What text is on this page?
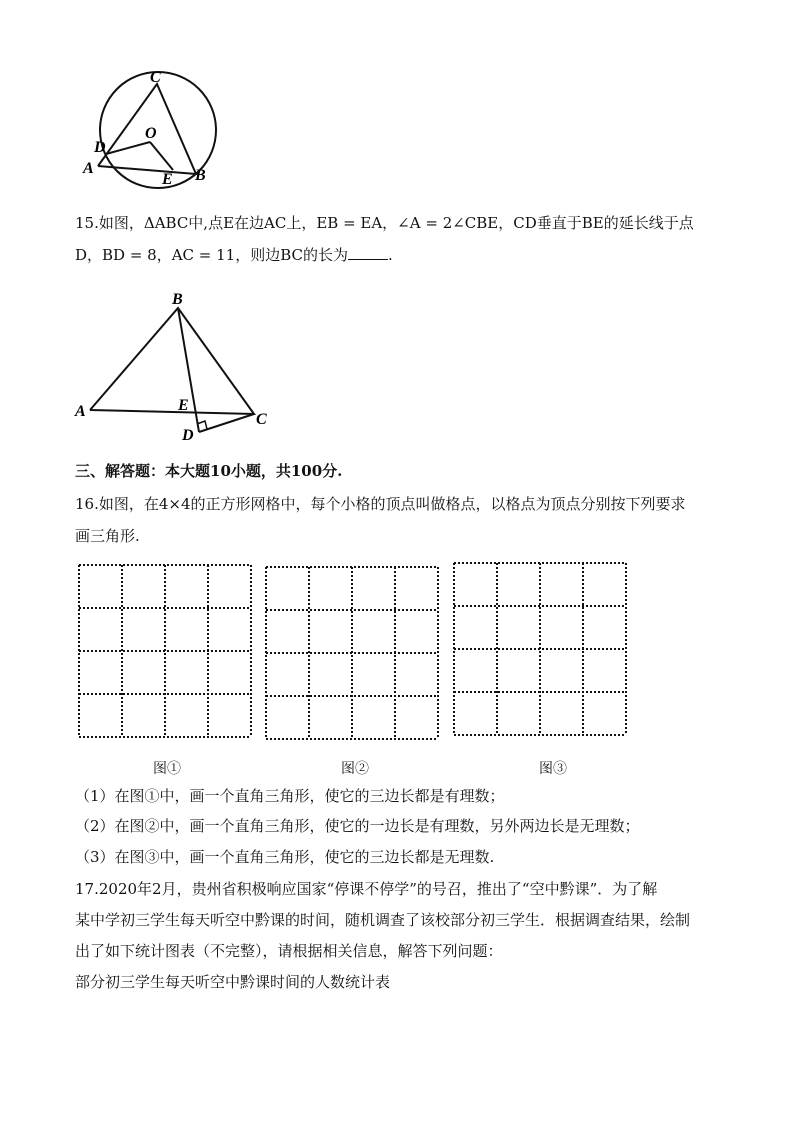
C
O
D
A
E B
15.如图，ΔABC中,点E在边AC上，EB = EA，∠A = 2∠CBE，CD垂直于BE的延长线于点
D，BD = 8，AC = 11，则边BC的长为	.
B
A	E
C
D
三、解答题：本大题10小题，共100分.
16.如图，在4×4的正方形网格中，每个小格的顶点叫做格点，以格点为顶点分别按下列要求
画三角形.
图①	图②	图③
（1）在图①中，画一个直角三角形，使它的三边长都是有理数；
（2）在图②中，画一个直角三角形，使它的一边长是有理数，另外两边长是无理数；
（3）在图③中，画一个直角三角形，使它的三边长都是无理数.
17.2020年2月，贵州省积极响应国家“停课不停学”的号召，推出了“空中黔课”．为了解
某中学初三学生每天听空中黔课的时间，随机调查了该校部分初三学生．根据调查结果，绘制
出了如下统计图表（不完整），请根据相关信息，解答下列问题：
部分初三学生每天听空中黔课时间的人数统计表
